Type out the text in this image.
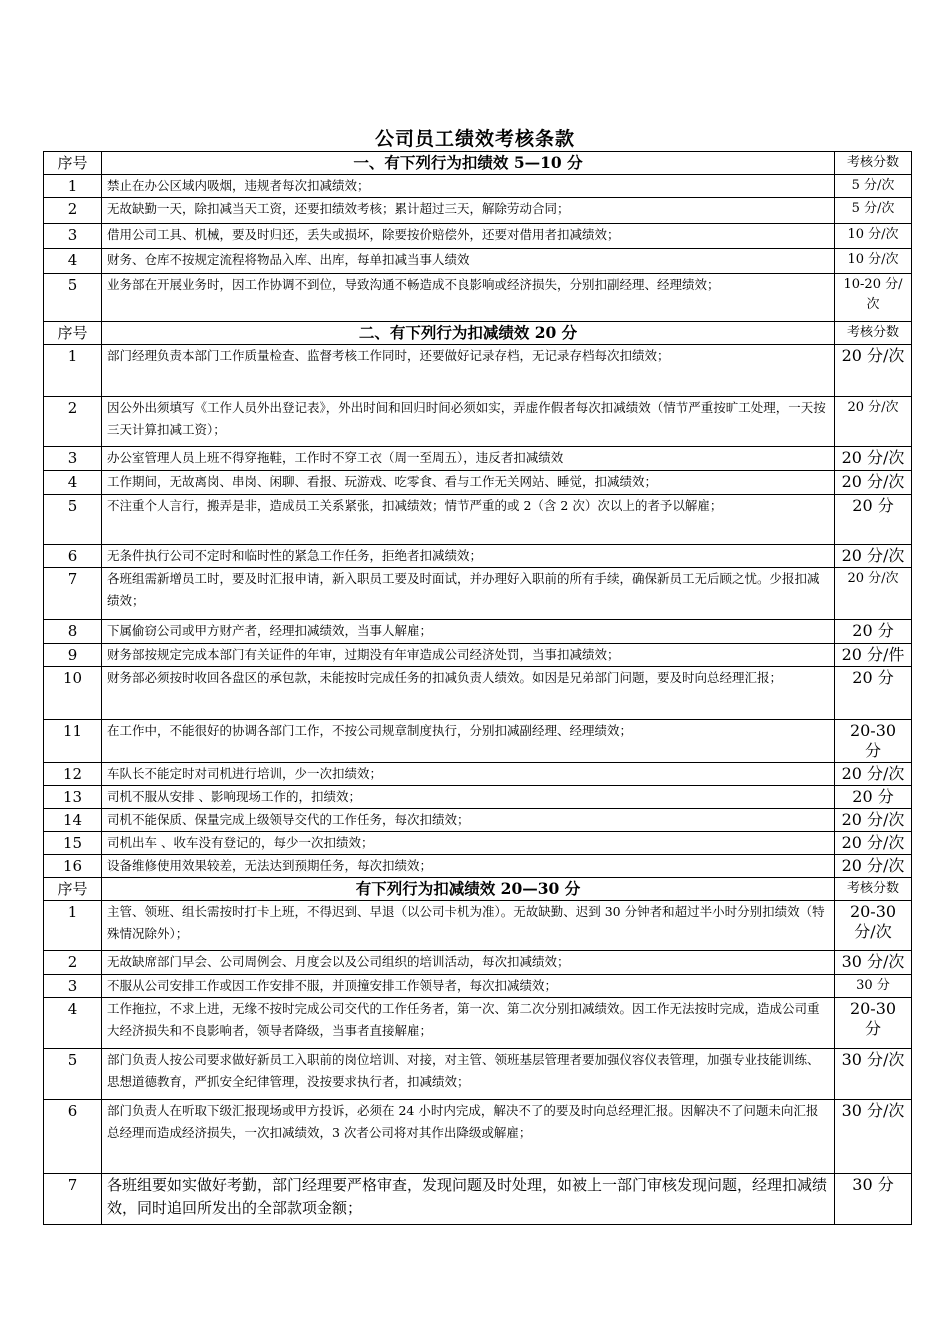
公司员工绩效考核条款
序号	一、有下列行为扣绩效 5—10 分	考核分数
1	禁止在办公区域内吸烟，违规者每次扣减绩效；	5 分/次
2	无故缺勤一天，除扣减当天工资，还要扣绩效考核；累计超过三天，解除劳动合同；	5 分/次
3	借用公司工具、机械，要及时归还，丢失或损坏，除要按价赔偿外，还要对借用者扣减绩效；	10 分/次
4	财务、仓库不按规定流程将物品入库、出库，每单扣减当事人绩效	10 分/次
5	业务部在开展业务时，因工作协调不到位，导致沟通不畅造成不良影响或经济损失，分别扣副经理、经理绩效；	10-20 分/次
序号	二、有下列行为扣减绩效 20 分	考核分数
1	部门经理负责本部门工作质量检查、监督考核工作同时，还要做好记录存档，无记录存档每次扣绩效；	20 分/次
2	因公外出须填写《工作人员外出登记表》，外出时间和回归时间必须如实，弄虚作假者每次扣减绩效（情节严重按旷工处理，一天按三天计算扣减工资）；	20 分/次
3	办公室管理人员上班不得穿拖鞋，工作时不穿工衣（周一至周五），违反者扣减绩效	20 分/次
4	工作期间，无故离岗、串岗、闲聊、看报、玩游戏、吃零食、看与工作无关网站、睡觉，扣减绩效；	20 分/次
5	不注重个人言行，搬弄是非，造成员工关系紧张，扣减绩效；情节严重的或 2（含 2 次）次以上的者予以解雇；	20 分
6	无条件执行公司不定时和临时性的紧急工作任务，拒绝者扣减绩效；	20 分/次
7	各班组需新增员工时，要及时汇报申请，新入职员工要及时面试，并办理好入职前的所有手续，确保新员工无后顾之忧。少报扣减绩效；	20 分/次
8	下属偷窃公司或甲方财产者，经理扣减绩效，当事人解雇；	20 分
9	财务部按规定完成本部门有关证件的年审，过期没有年审造成公司经济处罚，当事扣减绩效；	20 分/件
10	财务部必须按时收回各盘区的承包款，未能按时完成任务的扣减负责人绩效。如因是兄弟部门问题，要及时向总经理汇报；	20 分
11	在工作中，不能很好的协调各部门工作，不按公司规章制度执行，分别扣减副经理、经理绩效；	20-30 分
12	车队长不能定时对司机进行培训，少一次扣绩效；	20 分/次
13	司机不服从安排 、影响现场工作的，扣绩效；	20 分
14	司机不能保质、保量完成上级领导交代的工作任务，每次扣绩效；	20 分/次
15	司机出车 、收车没有登记的，每少一次扣绩效；	20 分/次
16	设备维修使用效果较差，无法达到预期任务，每次扣绩效；	20 分/次
序号	有下列行为扣减绩效 20—30 分	考核分数
1	主管、领班、组长需按时打卡上班，不得迟到、早退（以公司卡机为准）。无故缺勤、迟到 30 分钟者和超过半小时分别扣绩效（特殊情况除外）；	20-30 分/次
2	无故缺席部门早会、公司周例会、月度会以及公司组织的培训活动，每次扣减绩效；	30 分/次
3	不服从公司安排工作或因工作安排不服，并顶撞安排工作领导者，每次扣减绩效；	30 分
4	工作拖拉，不求上进，无缘不按时完成公司交代的工作任务者，第一次、第二次分别扣减绩效。因工作无法按时完成，造成公司重大经济损失和不良影响者，领导者降级，当事者直接解雇；	20-30 分
5	部门负责人按公司要求做好新员工入职前的岗位培训、对接，对主管、领班基层管理者要加强仪容仪表管理，加强专业技能训练、思想道德教育，严抓安全纪律管理，没按要求执行者，扣减绩效；	30 分/次
6	部门负责人在听取下级汇报现场或甲方投诉，必须在 24 小时内完成，解决不了的要及时向总经理汇报。因解决不了问题未向汇报总经理而造成经济损失，一次扣减绩效，3 次者公司将对其作出降级或解雇；	30 分/次
7	各班组要如实做好考勤，部门经理要严格审查，发现问题及时处理，如被上一部门审核发现问题，经理扣减绩效，同时追回所发出的全部款项金额；	30 分
